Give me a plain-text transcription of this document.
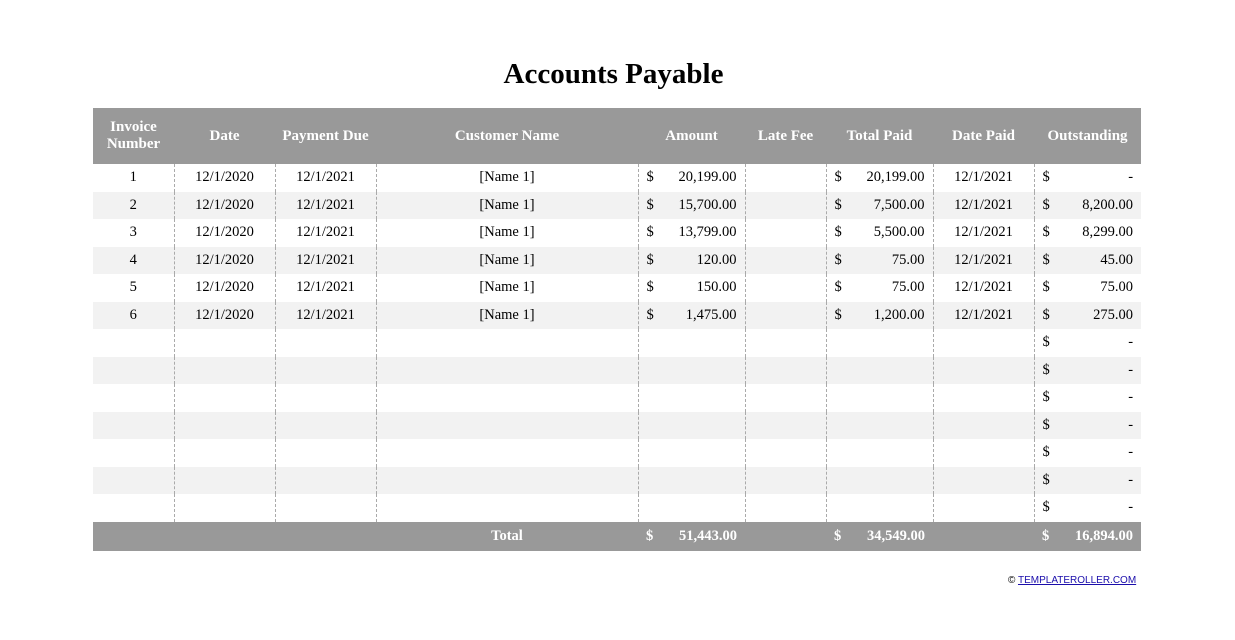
Accounts Payable
Invoice
Number	Date	Payment Due	Customer Name	Amount		Late Fee	Total Paid		Date Paid	Outstanding	
1	12/1/2020	12/1/2021	[Name 1]	$	20,199.00		$	20,199.00	12/1/2021	$	-
2	12/1/2020	12/1/2021	[Name 1]	$	15,700.00		$	7,500.00	12/1/2021	$	8,200.00
3	12/1/2020	12/1/2021	[Name 1]	$	13,799.00		$	5,500.00	12/1/2021	$	8,299.00
4	12/1/2020	12/1/2021	[Name 1]	$	120.00		$	75.00	12/1/2021	$	45.00
5	12/1/2020	12/1/2021	[Name 1]	$	150.00		$	75.00	12/1/2021	$	75.00
6	12/1/2020	12/1/2021	[Name 1]	$	1,475.00		$	1,200.00	12/1/2021	$	275.00
										$	-
										$	-
										$	-
										$	-
										$	-
										$	-
										$	-
			Total	$	51,443.00		$	34,549.00		$	16,894.00
© TEMPLATEROLLER.COM
